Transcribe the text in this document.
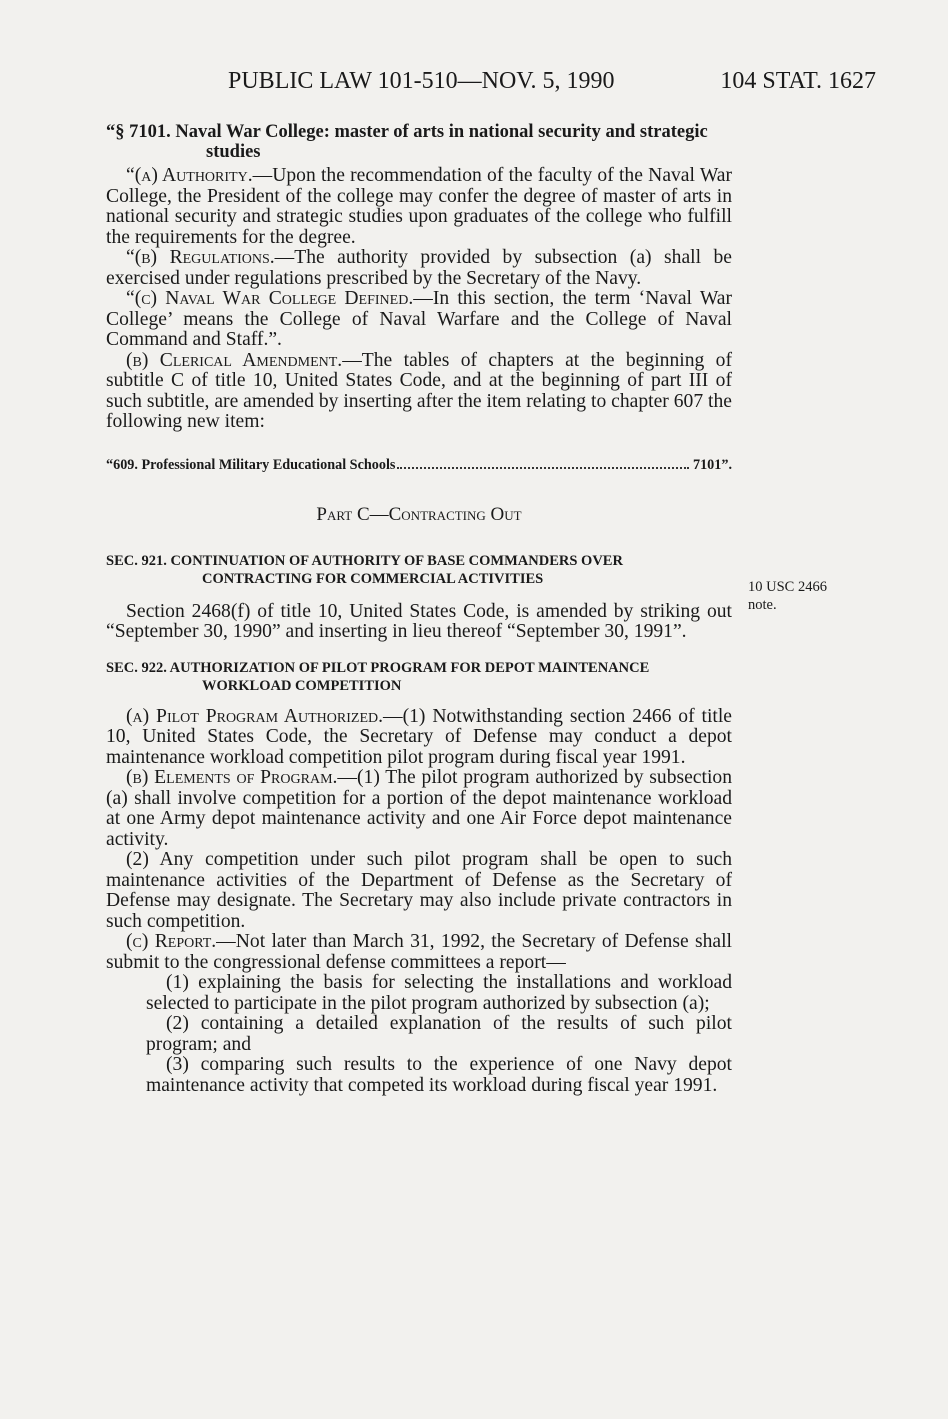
PUBLIC LAW 101-510—NOV. 5, 1990	104 STAT. 1627

“§ 7101. Naval War College: master of arts in national security and strategic studies

“(a) Authority.—Upon the recommendation of the faculty of the Naval War College, the President of the college may confer the degree of master of arts in national security and strategic studies upon graduates of the college who fulfill the requirements for the degree.

“(b) Regulations.—The authority provided by subsection (a) shall be exercised under regulations prescribed by the Secretary of the Navy.

“(c) Naval War College Defined.—In this section, the term ‘Naval War College’ means the College of Naval Warfare and the College of Naval Command and Staff.”.

(b) Clerical Amendment.—The tables of chapters at the beginning of subtitle C of title 10, United States Code, and at the beginning of part III of such subtitle, are amended by inserting after the item relating to chapter 607 the following new item:

“609. Professional Military Educational Schools	7101”.

Part C—Contracting Out

SEC. 921. CONTINUATION OF AUTHORITY OF BASE COMMANDERS OVER CONTRACTING FOR COMMERCIAL ACTIVITIES

Section 2468(f) of title 10, United States Code, is amended by striking out “September 30, 1990” and inserting in lieu thereof “September 30, 1991”.

SEC. 922. AUTHORIZATION OF PILOT PROGRAM FOR DEPOT MAINTENANCE WORKLOAD COMPETITION

(a) Pilot Program Authorized.—(1) Notwithstanding section 2466 of title 10, United States Code, the Secretary of Defense may conduct a depot maintenance workload competition pilot program during fiscal year 1991.

(b) Elements of Program.—(1) The pilot program authorized by subsection (a) shall involve competition for a portion of the depot maintenance workload at one Army depot maintenance activity and one Air Force depot maintenance activity.

(2) Any competition under such pilot program shall be open to such maintenance activities of the Department of Defense as the Secretary of Defense may designate. The Secretary may also include private contractors in such competition.

(c) Report.—Not later than March 31, 1992, the Secretary of Defense shall submit to the congressional defense committees a report—

(1) explaining the basis for selecting the installations and workload selected to participate in the pilot program authorized by subsection (a);

(2) containing a detailed explanation of the results of such pilot program; and

(3) comparing such results to the experience of one Navy depot maintenance activity that competed its workload during fiscal year 1991.

10 USC 2466
note.
